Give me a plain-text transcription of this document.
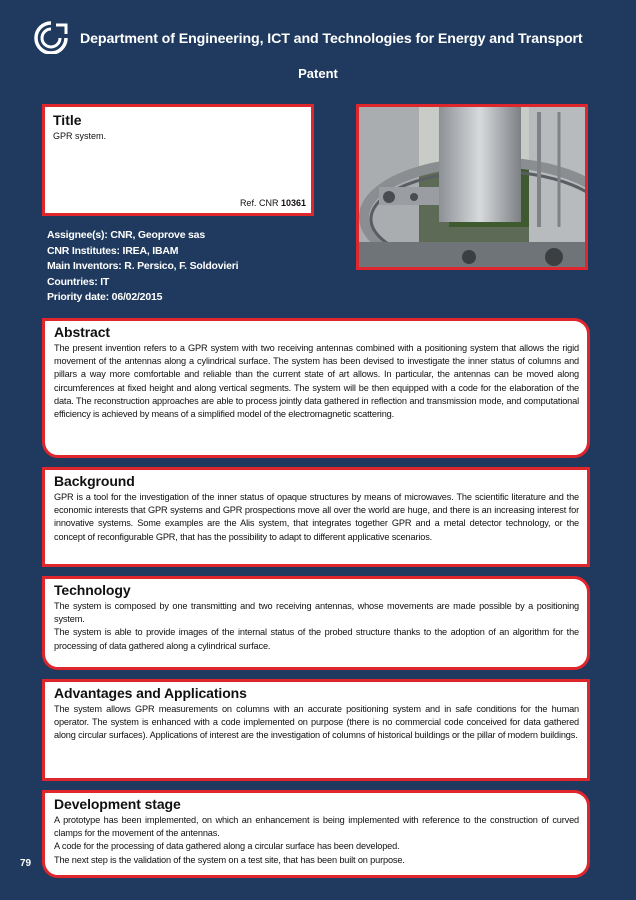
Department of Engineering, ICT and Technologies for Energy and Transport
Patent
Title
GPR system.
Ref. CNR 10361
Assignee(s): CNR, Geoprove sas
CNR Institutes: IREA, IBAM
Main Inventors: R. Persico, F. Soldovieri
Countries: IT
Priority date: 06/02/2015
Abstract
The present invention refers to a GPR system with two receiving antennas combined with a positioning system that allows the rigid movement of the antennas along a cylindrical surface. The system has been devised to investigate the inner status of columns and pillars a way more comfortable and reliable than the current state of art allows. In particular, the antennas can be moved along circumferences at fixed height and along vertical segments. The system will be then equipped with a code for the elaboration of the data. The reconstruction approaches are able to process jointly data gathered in reflection and transmission mode, and computational efficiency is achieved by means of a simplified model of the electromagnetic scattering.
Background
GPR is a tool for the investigation of the inner status of opaque structures by means of microwaves. The scientific literature and the economic interests that GPR systems and GPR prospections move all over the world are huge, and there is an increasing interest for innovative systems. Some examples are the Alis system, that integrates together GPR and a metal detector technology, or the concept of reconfigurable GPR, that has the possibility to adapt to different applicative scenarios.
Technology

The system is composed by one transmitting and two receiving antennas, whose movements are made possible by a positioning system.

The system is able to provide images of the internal status of the probed structure thanks to the adoption of an algorithm for the processing of data gathered along a cylindrical surface.

Advantages and Applications
The system allows GPR measurements on columns with an accurate positioning system and in safe conditions for the human operator. The system is enhanced with a code implemented on purpose (there is no commercial code conceived for data gathered along circular surfaces). Applications of interest are the investigation of columns of historical buildings or the pillar of modern buildings.
Development stage

A prototype has been implemented, on which an enhancement is being implemented with reference to the construction of curved clamps for the movement of the antennas.

A code for the processing of data gathered along a circular surface has been developed.

The next step is the validation of the system on a test site, that has been built on purpose.

79
